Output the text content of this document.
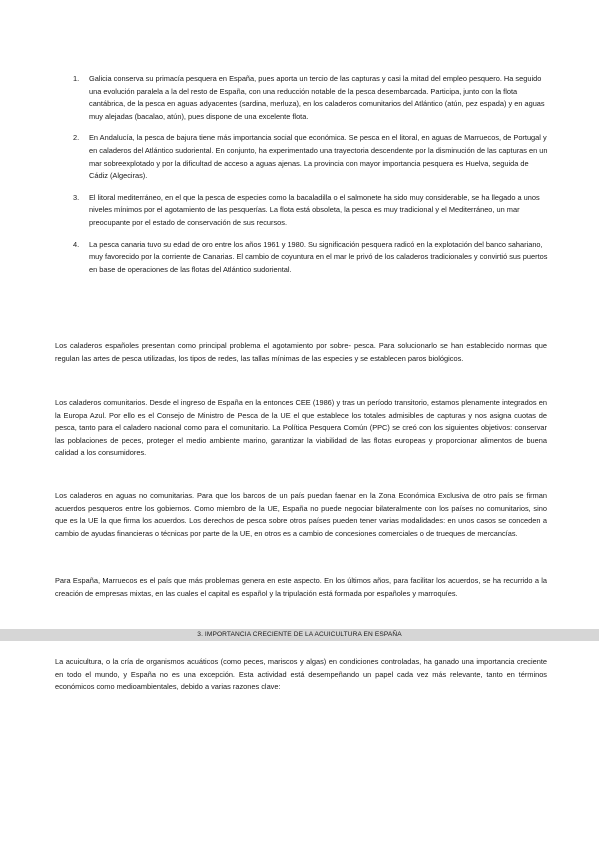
1. Galicia conserva su primacía pesquera en España, pues aporta un tercio de las capturas y casi la mitad del empleo pesquero. Ha seguido una evolución paralela a la del resto de España, con una reducción notable de la pesca desembarcada. Participa, junto con la flota cantábrica, de la pesca en aguas adyacentes (sardina, merluza), en los caladeros comunitarios del Atlántico (atún, pez espada) y en aguas muy alejadas (bacalao, atún), pues dispone de una excelente flota.
2. En Andalucía, la pesca de bajura tiene más importancia social que económica. Se pesca en el litoral, en aguas de Marruecos, de Portugal y en caladeros del Atlántico sudoriental. En conjunto, ha experimentado una trayectoria descendente por la disminución de las capturas en un mar sobreexplotado y por la dificultad de acceso a aguas ajenas. La provincia con mayor importancia pesquera es Huelva, seguida de Cádiz (Algeciras).
3. El litoral mediterráneo, en el que la pesca de especies como la bacaladilla o el salmonete ha sido muy considerable, se ha llegado a unos niveles mínimos por el agotamiento de las pesquerías. La flota está obsoleta, la pesca es muy tradicional y el Mediterráneo, un mar preocupante por el estado de conservación de sus recursos.
4. La pesca canaria tuvo su edad de oro entre los años 1961 y 1980. Su significación pesquera radicó en la explotación del banco sahariano, muy favorecido por la corriente de Canarias. El cambio de coyuntura en el mar le privó de los caladeros tradicionales y convirtió sus puertos en base de operaciones de las flotas del Atlántico sudoriental.

Los caladeros españoles presentan como principal problema el agotamiento por sobre- pesca. Para solucionarlo se han establecido normas que regulan las artes de pesca utilizadas, los tipos de redes, las tallas mínimas de las especies y se establecen paros biológicos.

Los caladeros comunitarios. Desde el ingreso de España en la entonces CEE (1986) y tras un período transitorio, estamos plenamente integrados en la Europa Azul. Por ello es el Consejo de Ministro de Pesca de la UE el que establece los totales admisibles de capturas y nos asigna cuotas de pesca, tanto para el caladero nacional como para el comunitario. La Política Pesquera Común (PPC) se creó con los siguientes objetivos: conservar las poblaciones de peces, proteger el medio ambiente marino, garantizar la viabilidad de las flotas europeas y proporcionar alimentos de buena calidad a los consumidores.

Los caladeros en aguas no comunitarias. Para que los barcos de un país puedan faenar en la Zona Económica Exclusiva de otro país se firman acuerdos pesqueros entre los gobiernos. Como miembro de la UE, España no puede negociar bilateralmente con los países no comunitarios, sino que es la UE la que firma los acuerdos. Los derechos de pesca sobre otros países pueden tener varias modalidades: en unos casos se conceden a cambio de ayudas financieras o técnicas por parte de la UE, en otros es a cambio de concesiones comerciales o de trueques de mercancías.

Para España, Marruecos es el país que más problemas genera en este aspecto. En los últimos años, para facilitar los acuerdos, se ha recurrido a la creación de empresas mixtas, en las cuales el capital es español y la tripulación está formada por españoles y marroquíes.

3. IMPORTANCIA CRECIENTE DE LA ACUICULTURA EN ESPAÑA

La acuicultura, o la cría de organismos acuáticos (como peces, mariscos y algas) en condiciones controladas, ha ganado una importancia creciente en todo el mundo, y España no es una excepción. Esta actividad está desempeñando un papel cada vez más relevante, tanto en términos económicos como medioambientales, debido a varias razones clave:
